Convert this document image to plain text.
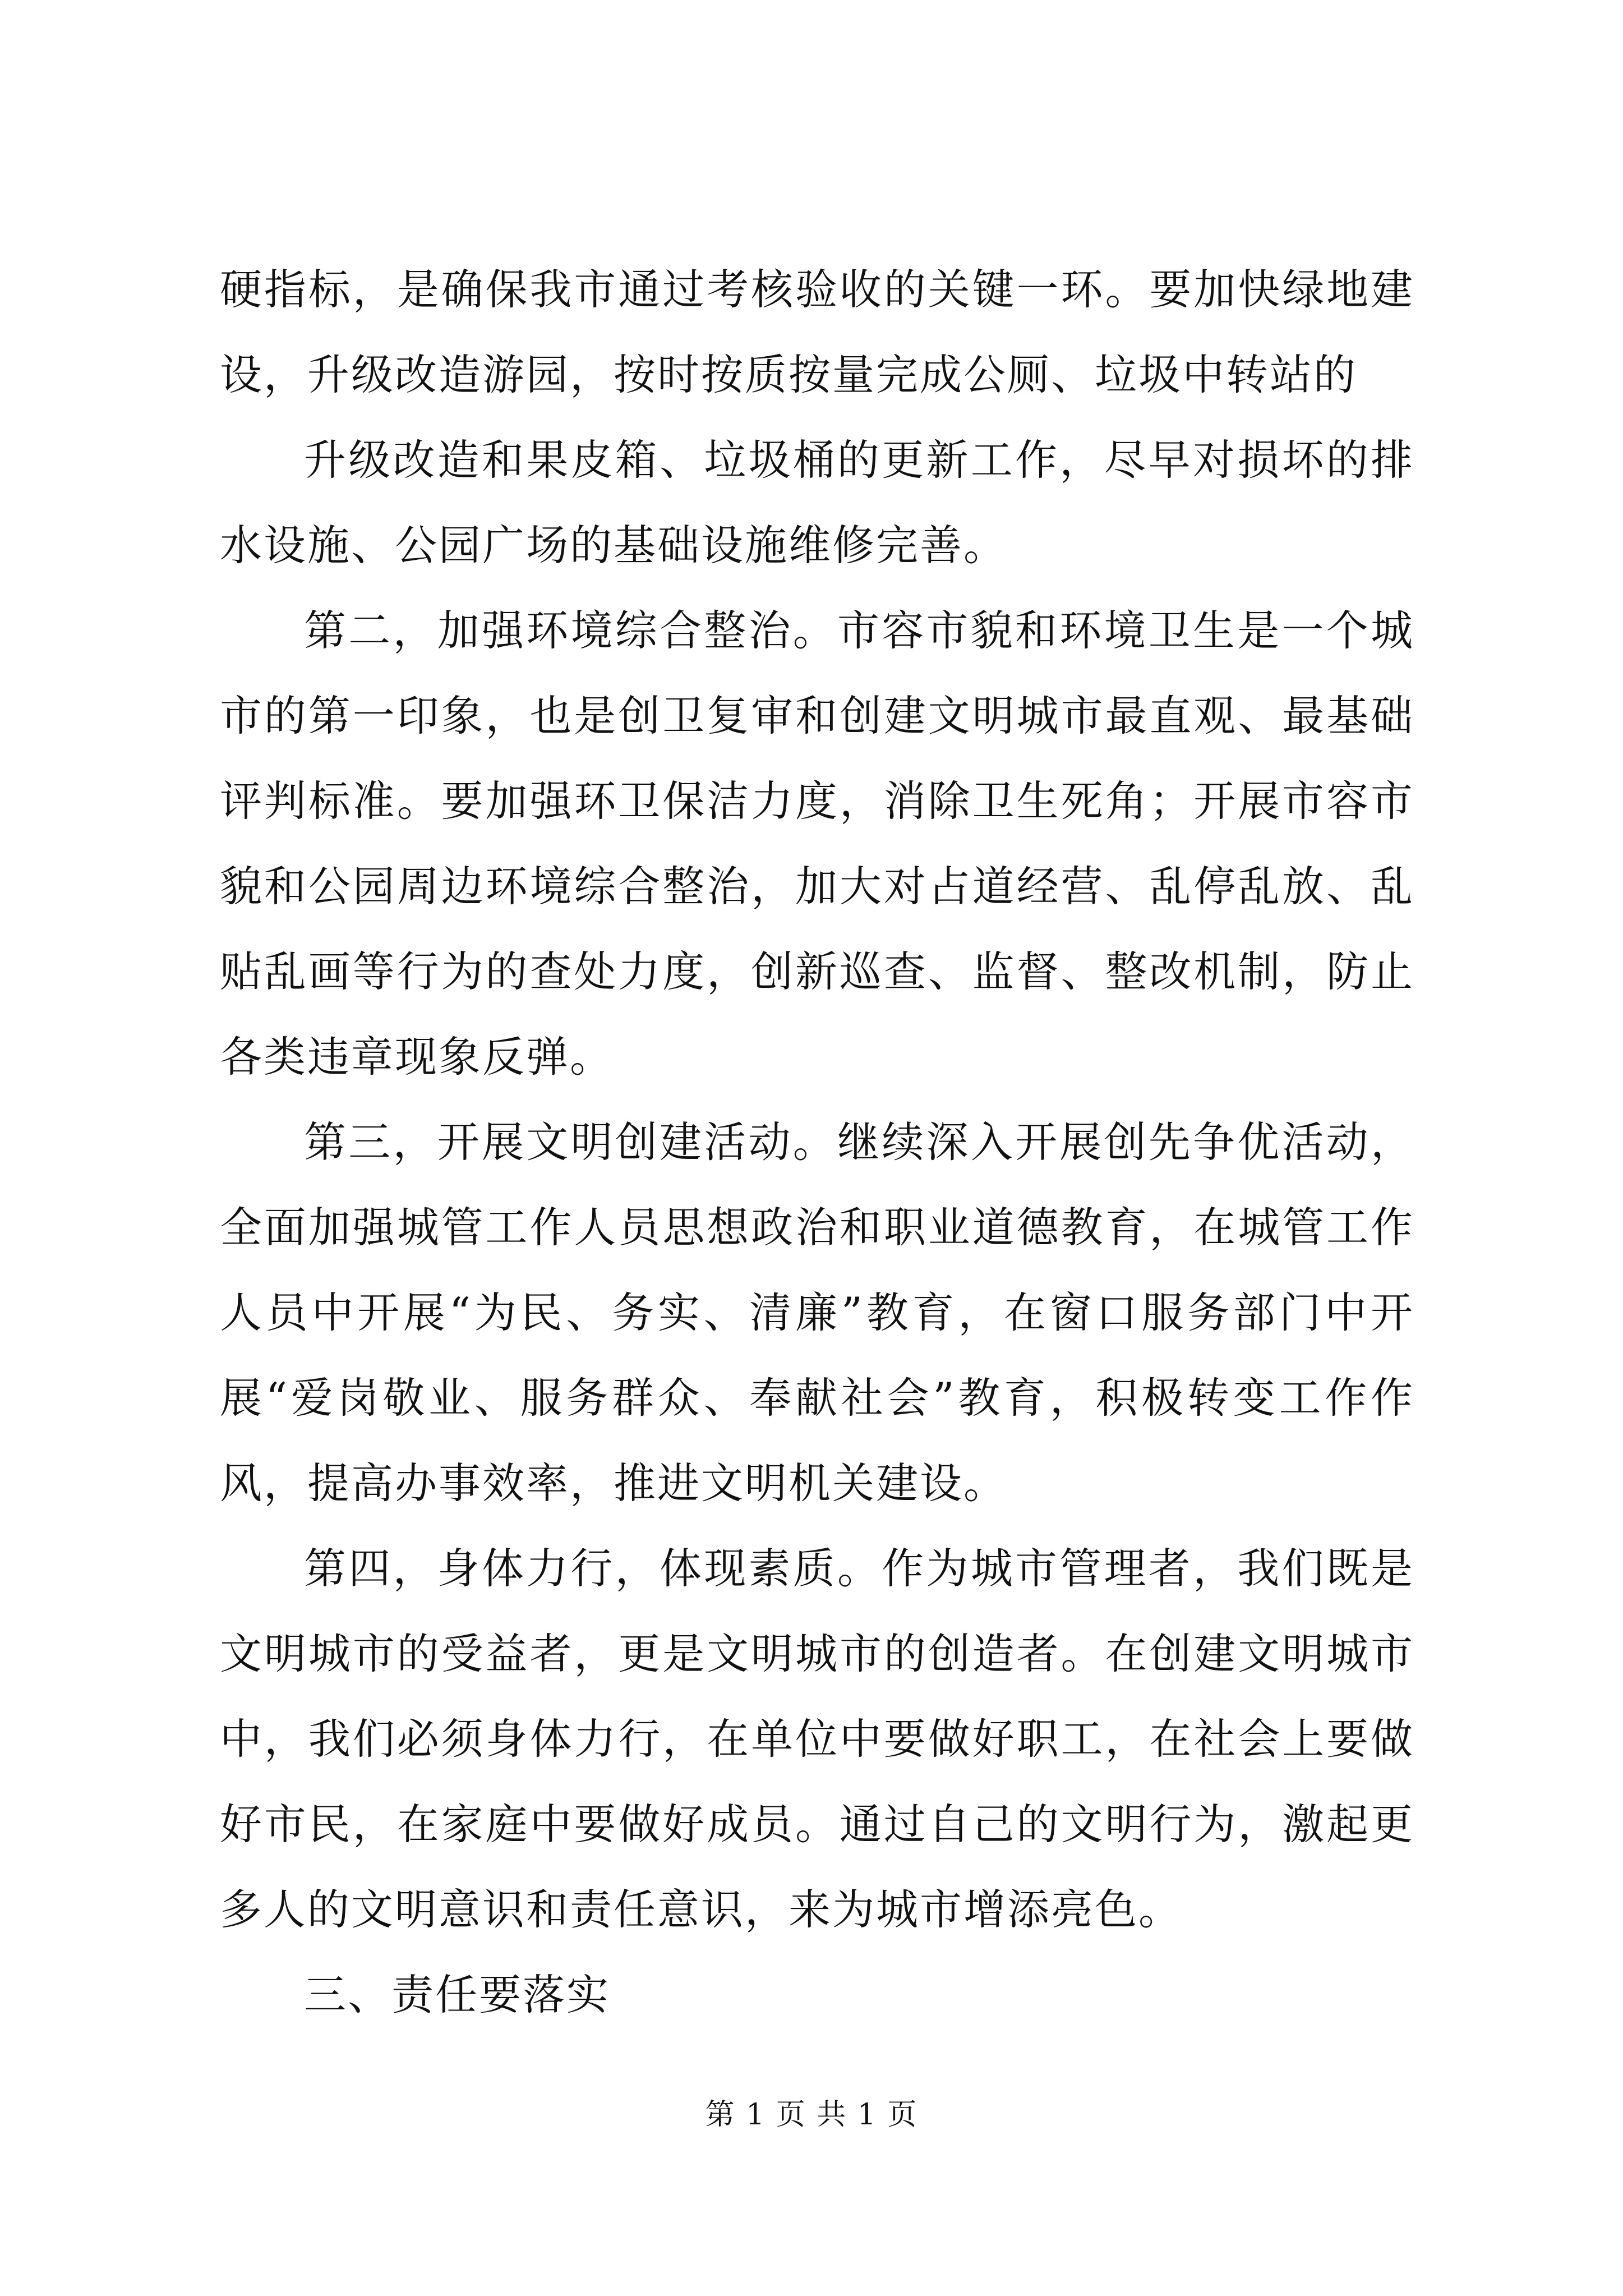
硬指标，是确保我市通过考核验收的关键一环。要加快绿地建设，升级改造游园，按时按质按量完成公厕、垃圾中转站的

升级改造和果皮箱、垃圾桶的更新工作，尽早对损坏的排水设施、公园广场的基础设施维修完善。

第二，加强环境综合整治。市容市貌和环境卫生是一个城市的第一印象，也是创卫复审和创建文明城市最直观、最基础评判标准。要加强环卫保洁力度，消除卫生死角；开展市容市貌和公园周边环境综合整治，加大对占道经营、乱停乱放、乱贴乱画等行为的查处力度，创新巡查、监督、整改机制，防止各类违章现象反弹。

第三，开展文明创建活动。继续深入开展创先争优活动，全面加强城管工作人员思想政治和职业道德教育，在城管工作人员中开展“为民、务实、清廉”教育，在窗口服务部门中开展“爱岗敬业、服务群众、奉献社会”教育，积极转变工作作风，提高办事效率，推进文明机关建设。

第四，身体力行，体现素质。作为城市管理者，我们既是文明城市的受益者，更是文明城市的创造者。在创建文明城市中，我们必须身体力行，在单位中要做好职工，在社会上要做好市民，在家庭中要做好成员。通过自己的文明行为，激起更多人的文明意识和责任意识，来为城市增添亮色。

三、责任要落实

第 1 页 共 1 页
